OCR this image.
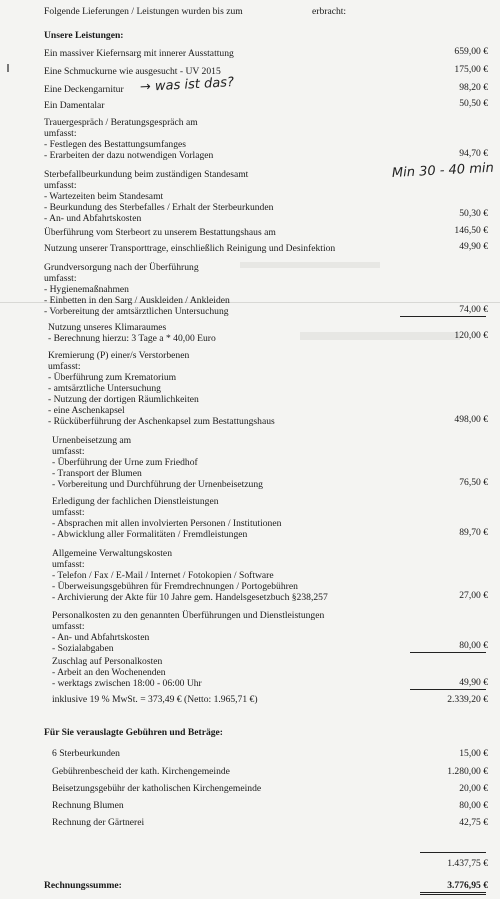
Folgende Lieferungen / Leistungen wurden bis zum	erbracht:
Unsere Leistungen:
Ein massiver Kiefernsarg mit innerer Ausstattung	659,00 €
Eine Schmuckurne wie ausgesucht - UV 2015	175,00 €
Eine Deckengarnitur → was ist das?	98,20 €
Ein Damentalar	50,50 €
Trauergespräch / Beratungsgespräch am
umfasst:
- Festlegen des Bestattungsumfanges
- Erarbeiten der dazu notwendigen Vorlagen	94,70 €
Sterbefallbeurkundung beim zuständigen Standesamt	Min 30 - 40 min
umfasst:
- Wartezeiten beim Standesamt
- Beurkundung des Sterbefalles / Erhalt der Sterbeurkunden
- An- und Abfahrtskosten	50,30 €
Überführung vom Sterbeort zu unserem Bestattungshaus am	146,50 €
Nutzung unserer Transporttrage, einschließlich Reinigung und Desinfektion	49,90 €
Grundversorgung nach der Überführung
umfasst:
- Hygienemaßnahmen
- Einbetten in den Sarg / Auskleiden / Ankleiden
- Vorbereitung der amtsärztlichen Untersuchung	74,00 €
Nutzung unseres Klimaraumes
- Berechnung hierzu: 3 Tage a * 40,00 Euro	120,00 €
Kremierung (P) einer/s Verstorbenen
umfasst:
- Überführung zum Krematorium
- amtsärztliche Untersuchung
- Nutzung der dortigen Räumlichkeiten
- eine Aschenkapsel
- Rücküberführung der Aschenkapsel zum Bestattungshaus	498,00 €
Urnenbeisetzung am
umfasst:
- Überführung der Urne zum Friedhof
- Transport der Blumen
- Vorbereitung und Durchführung der Urnenbeisetzung	76,50 €
Erledigung der fachlichen Dienstleistungen
umfasst:
- Absprachen mit allen involvierten Personen / Institutionen
- Abwicklung aller Formalitäten / Fremdleistungen	89,70 €
Allgemeine Verwaltungskosten
umfasst:
- Telefon / Fax / E-Mail / Internet / Fotokopien / Software
- Überweisungsgebühren für Fremdrechnungen / Portogebühren
- Archivierung der Akte für 10 Jahre gem. Handelsgesetzbuch §238,257	27,00 €
Personalkosten zu den genannten Überführungen und Dienstleistungen
umfasst:
- An- und Abfahrtskosten
- Sozialabgaben	80,00 €
Zuschlag auf Personalkosten
- Arbeit an den Wochenenden
- werktags zwischen 18:00 - 06:00 Uhr	49,90 €
inklusive 19 % MwSt. = 373,49 € (Netto: 1.965,71 €)	2.339,20 €
Für Sie verauslagte Gebühren und Beträge:
6 Sterbeurkunden	15,00 €
Gebührenbescheid der kath. Kirchengemeinde	1.280,00 €
Beisetzungsgebühr der katholischen Kirchengemeinde	20,00 €
Rechnung Blumen	80,00 €
Rechnung der Gärtnerei	42,75 €
1.437,75 €
Rechnungssumme:	3.776,95 €
